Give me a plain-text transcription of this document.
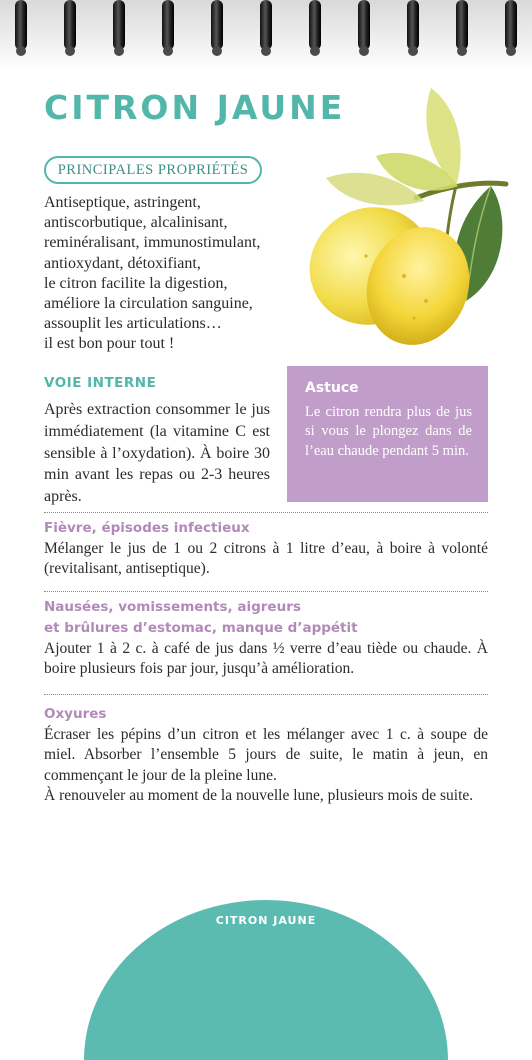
CITRON JAUNE
PRINCIPALES PROPRIÉTÉS
Antiseptique, astringent,
antiscorbutique, alcalinisant,
reminéralisant, immunostimulant,
antioxydant, détoxifiant,
le citron facilite la digestion,
améliore la circulation sanguine,
assouplit les articulations…
il est bon pour tout !
VOIE INTERNE

Après extraction consommer le jus immédiatement (la vitamine C est sensible à l’oxydation). À boire 30 min avant les repas ou 2-3 heures après.

Astuce

Le citron rendra plus de jus si vous le plongez dans de l’eau chaude pendant 5 min.

Fièvre, épisodes infectieux

Mélanger le jus de 1 ou 2 citrons à 1 litre d’eau, à boire à volonté (revitalisant, antiseptique).

Nausées, vomissements, aigreurs
et brûlures d’estomac, manque d’appétit

Ajouter 1 à 2 c. à café de jus dans ½ verre d’eau tiède ou chaude. À boire plusieurs fois par jour, jusqu’à amélioration.

Oxyures

Écraser les pépins d’un citron et les mélanger avec 1 c. à soupe de miel. Absorber l’ensemble 5 jours de suite, le matin à jeun, en commençant le jour de la pleine lune.

À renouveler au moment de la nouvelle lune, plusieurs mois de suite.

CITRON JAUNE
